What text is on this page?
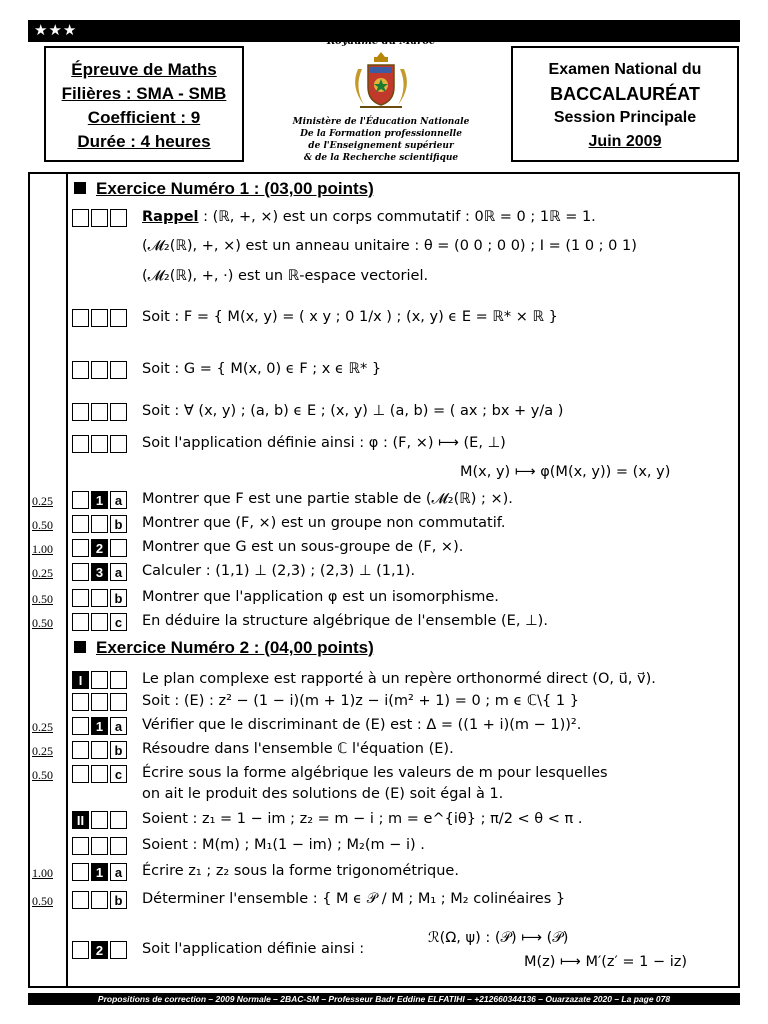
★★★
Épreuve de Maths
Filières : SMA - SMB
Coefficient : 9
Durée : 4 heures
Royaume du Maroc
Ministère de l'Éducation Nationale
De la Formation professionnelle
de l'Enseignement supérieur
& de la Recherche scientifique
Examen National du
BACCALAURÉAT
Session Principale
Juin 2009
Exercice Numéro 1 : (03,00 points)
Rappel : (ℝ, +, ×) est un corps commutatif : 0ℝ = 0 ; 1ℝ = 1.
(𝓜₂(ℝ), +, ×) est un anneau unitaire : θ = (0 0 ; 0 0) ; I = (1 0 ; 0 1)
(𝓜₂(ℝ), +, ·) est un ℝ-espace vectoriel.
Soit : F = { M(x, y) = ( x y ; 0 1/x ) ; (x, y) ϵ E = ℝ* × ℝ }
Soit : G = { M(x, 0) ϵ F ; x ϵ ℝ* }
Soit : ∀ (x, y) ; (a, b) ϵ E ; (x, y) ⊥ (a, b) = ( ax ; bx + y/a )
Soit l'application définie ainsi : φ : (F, ×) ⟼ (E, ⊥)
M(x, y) ⟼ φ(M(x, y)) = (x, y)
0.25	1 a	Montrer que F est une partie stable de (𝓜₂(ℝ) ; ×).
0.50	b	Montrer que (F, ×) est un groupe non commutatif.
1.00	2	Montrer que G est un sous-groupe de (F, ×).
0.25	3 a	Calculer : (1,1) ⊥ (2,3) ; (2,3) ⊥ (1,1).
0.50	b	Montrer que l'application φ est un isomorphisme.
0.50	c	En déduire la structure algébrique de l'ensemble (E, ⊥).
Exercice Numéro 2 : (04,00 points)
I	Le plan complexe est rapporté à un repère orthonormé direct (O, u⃗, v⃗).
Soit : (E) : z² − (1 − i)(m + 1)z − i(m² + 1) = 0 ; m ϵ ℂ\{ 1 }
0.25	1 a	Vérifier que le discriminant de (E) est : Δ = ((1 + i)(m − 1))².
0.25	b	Résoudre dans l'ensemble ℂ l'équation (E).
0.50	c	Écrire sous la forme algébrique les valeurs de m pour lesquelles
on ait le produit des solutions de (E) soit égal à 1.
II	Soient : z₁ = 1 − im ; z₂ = m − i ; m = e^{iθ} ; π/2 < θ < π .
Soient : M(m) ; M₁(1 − im) ; M₂(m − i) .
1.00	1 a	Écrire z₁ ; z₂ sous la forme trigonométrique.
0.50	b	Déterminer l'ensemble : { M ϵ 𝒫 / M ; M₁ ; M₂ colinéaires }
2	Soit l'application définie ainsi :
ℛ(Ω, ψ) : (𝒫) ⟼ (𝒫)
M(z) ⟼ M′(z′ = 1 − iz)
Propositions de correction – 2009 Normale – 2BAC-SM – Professeur Badr Eddine ELFATIHI – +212660344136 – Ouarzazate 2020 – La page 078
